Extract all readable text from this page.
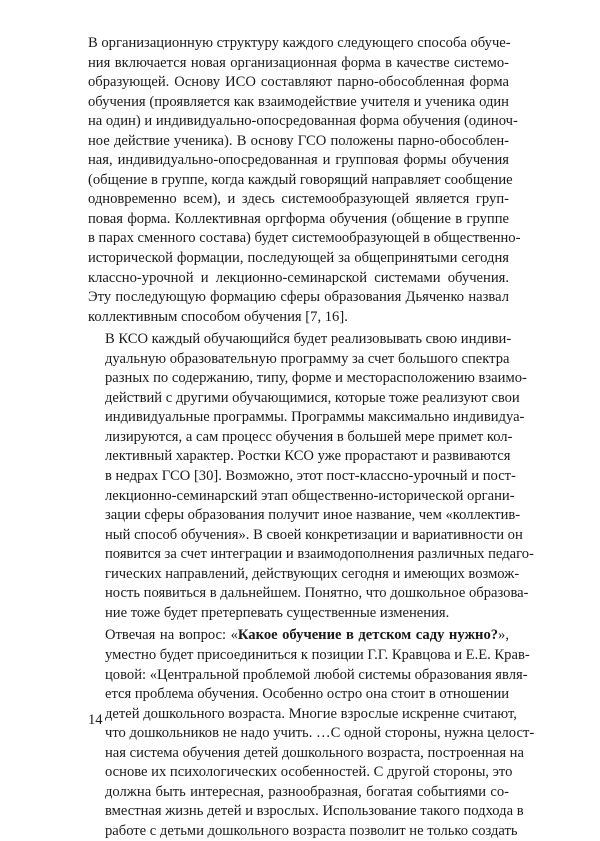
В организационную структуру каждого следующего способа обуче-
ния включается новая организационная форма в качестве системо-
образующей. Основу ИСО составляют парно-обособленная форма
обучения (проявляется как взаимодействие учителя и ученика один
на один) и индивидуально-опосредованная форма обучения (одиноч-
ное действие ученика). В основу ГСО положены парно-обособлен-
ная, индивидуально-опосредованная и групповая формы обучения
(общение в группе, когда каждый говорящий направляет сообщение
одновременно всем), и здесь системообразующей является груп-
повая форма. Коллективная оргформа обучения (общение в группе
в парах сменного состава) будет системообразующей в общественно-
исторической формации, последующей за общепринятыми сегодня
классно-урочной и лекционно-семинарской системами обучения.
Эту последующую формацию сферы образования Дьяченко назвал
коллективным способом обучения [7, 16].

В КСО каждый обучающийся будет реализовывать свою индиви-
дуальную образовательную программу за счет большого спектра
разных по содержанию, типу, форме и месторасположению взаимо-
действий с другими обучающимися, которые тоже реализуют свои
индивидуальные программы. Программы максимально индивидуа-
лизируются, а сам процесс обучения в большей мере примет кол-
лективный характер. Ростки КСО уже прорастают и развиваются
в недрах ГСО [30]. Возможно, этот пост-классно-урочный и пост-
лекционно-семинарский этап общественно-исторической органи-
зации сферы образования получит иное название, чем «коллектив-
ный способ обучения». В своей конкретизации и вариативности он
появится за счет интеграции и взаимодополнения различных педаго-
гических направлений, действующих сегодня и имеющих возмож-
ность появиться в дальнейшем. Понятно, что дошкольное образова-
ние тоже будет претерпевать существенные изменения.

Отвечая на вопрос: «Какое обучение в детском саду нужно?»,
уместно будет присоединиться к позиции Г.Г. Кравцова и Е.Е. Крав-
цовой: «Центральной проблемой любой системы образования явля-
ется проблема обучения. Особенно остро она стоит в отношении
детей дошкольного возраста. Многие взрослые искренне считают,
что дошкольников не надо учить. …С одной стороны, нужна целост-
ная система обучения детей дошкольного возраста, построенная на
основе их психологических особенностей. С другой стороны, это
должна быть интересная, разнообразная, богатая событиями со-
вместная жизнь детей и взрослых. Использование такого подхода в
работе с детьми дошкольного возраста позволит не только создать

14
